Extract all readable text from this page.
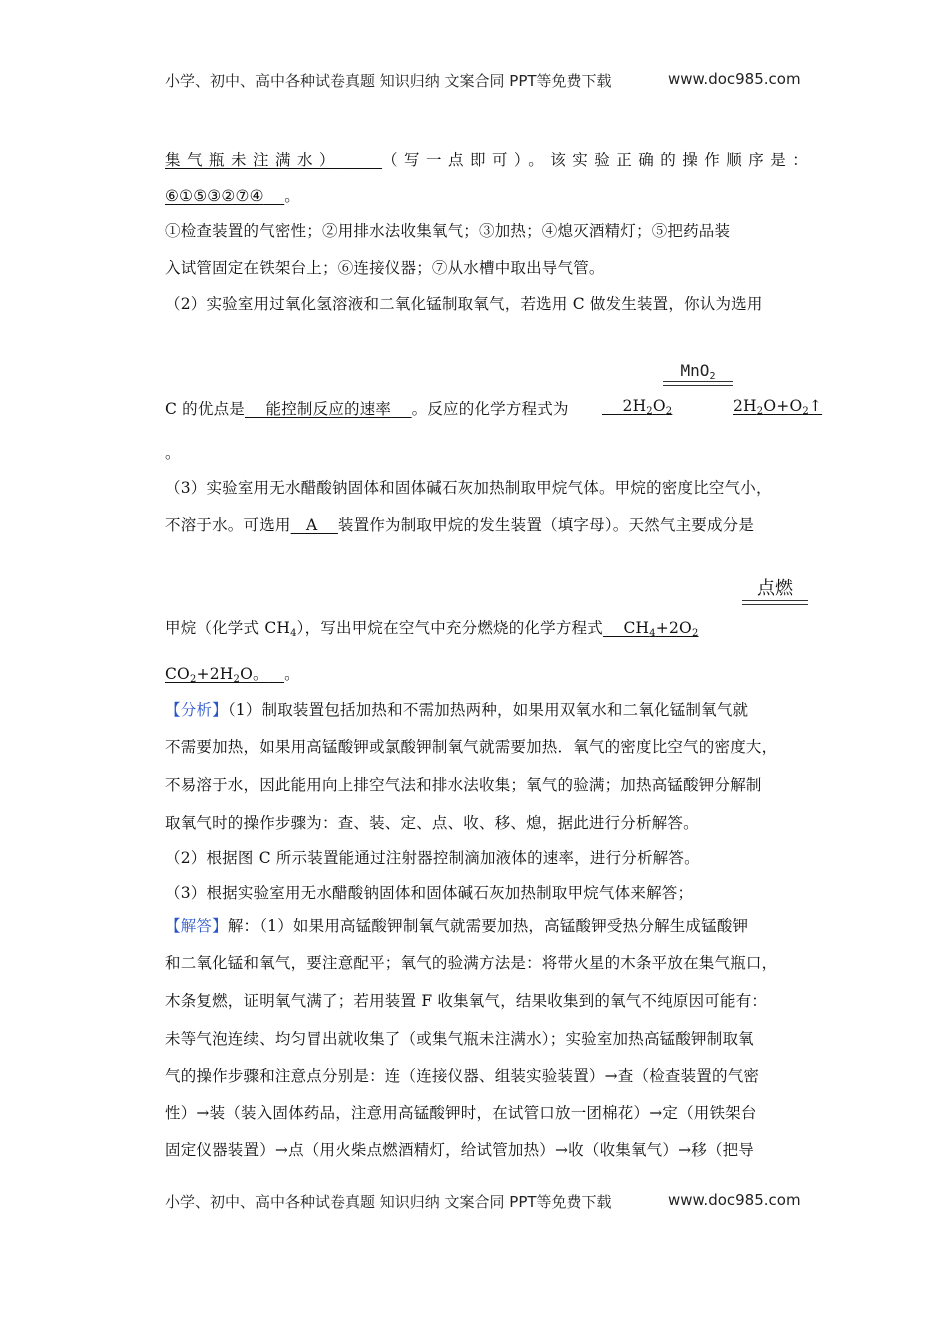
小学、初中、高中各种试卷真题 知识归纳 文案合同 PPT等免费下载	www.doc985.com
集气瓶未注满水）	（写一点即可）。该实验正确的操作顺序是：
⑥①⑤③②⑦④ 。
①检查装置的气密性；②用排水法收集氧气；③加热；④熄灭酒精灯；⑤把药品装
入试管固定在铁架台上；⑥连接仪器；⑦从水槽中取出导气管。
（2）实验室用过氧化氢溶液和二氧化锰制取氧气，若选用 C 做发生装置，你认为选用
MnO$_2$
C 的优点是 能控制反应的速率 。反应的化学方程式为	$2H_2O_2$	$2H_2O+O_2↑$
。
（3）实验室用无水醋酸钠固体和固体碱石灰加热制取甲烷气体。甲烷的密度比空气小，
不溶于水。可选用 A 装置作为制取甲烷的发生装置（填字母）。天然气主要成分是
点燃
甲烷（化学式 $CH_4$），写出甲烷在空气中充分燃烧的化学方程式 $CH_4+2O_2$
$CO_2+2H_2O$。 。
【分析】（1）制取装置包括加热和不需加热两种，如果用双氧水和二氧化锰制氧气就
不需要加热，如果用高锰酸钾或氯酸钾制氧气就需要加热．氧气的密度比空气的密度大，
不易溶于水，因此能用向上排空气法和排水法收集；氧气的验满；加热高锰酸钾分解制
取氧气时的操作步骤为：查、装、定、点、收、移、熄，据此进行分析解答。
（2）根据图 C 所示装置能通过注射器控制滴加液体的速率，进行分析解答。
（3）根据实验室用无水醋酸钠固体和固体碱石灰加热制取甲烷气体来解答；
【解答】解：（1）如果用高锰酸钾制氧气就需要加热，高锰酸钾受热分解生成锰酸钾
和二氧化锰和氧气，要注意配平；氧气的验满方法是：将带火星的木条平放在集气瓶口，
木条复燃，证明氧气满了；若用装置 F 收集氧气，结果收集到的氧气不纯原因可能有：
未等气泡连续、均匀冒出就收集了（或集气瓶未注满水）；实验室加热高锰酸钾制取氧
气的操作步骤和注意点分别是：连（连接仪器、组装实验装置）→查（检查装置的气密
性）→装（装入固体药品，注意用高锰酸钾时，在试管口放一团棉花）→定（用铁架台
固定仪器装置）→点（用火柴点燃酒精灯，给试管加热）→收（收集氧气）→移（把导
小学、初中、高中各种试卷真题 知识归纳 文案合同 PPT等免费下载	www.doc985.com
